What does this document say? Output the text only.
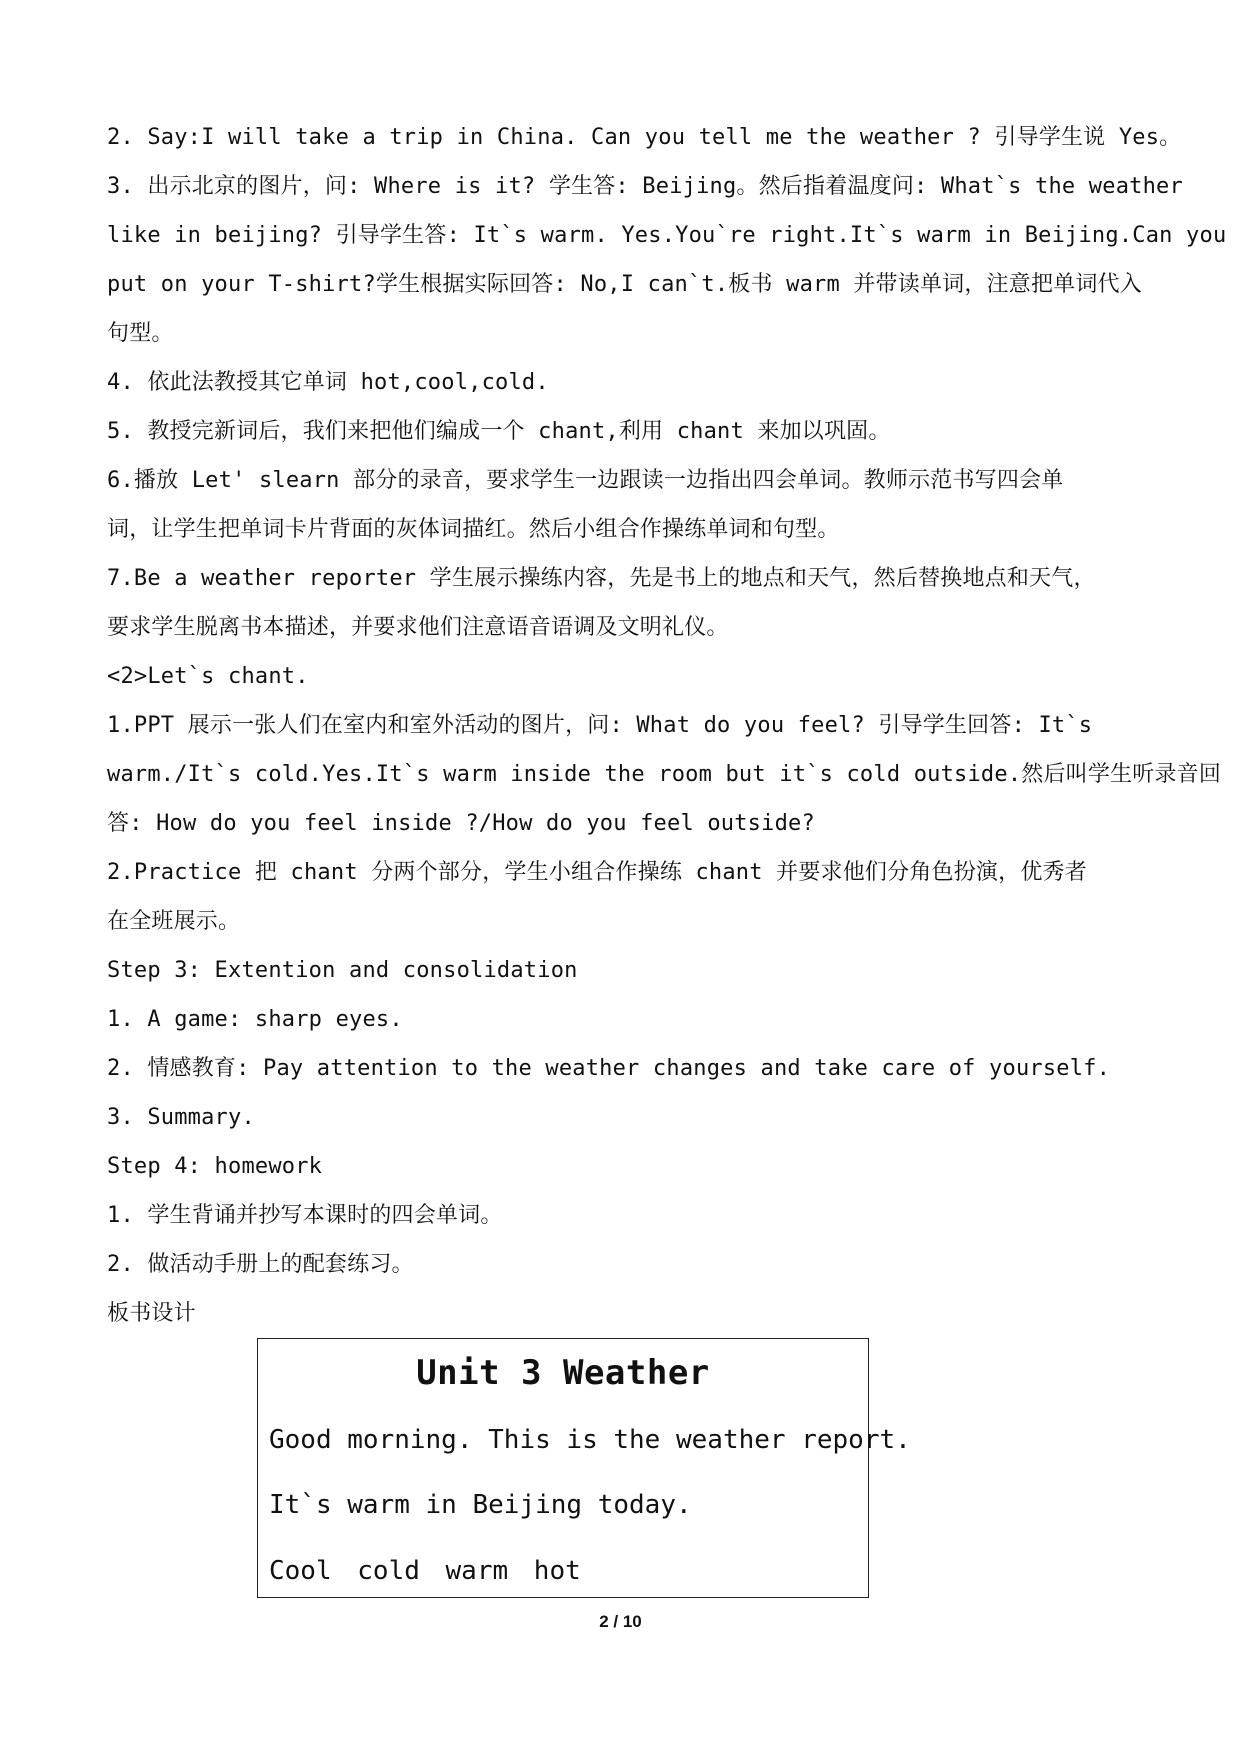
2. Say:I will take a trip in China. Can you tell me the weather ? 引导学生说 Yes。
3. 出示北京的图片，问: Where is it? 学生答: Beijing。然后指着温度问: What`s the weather
like in beijing? 引导学生答: It`s warm. Yes.You`re right.It`s warm in Beijing.Can you
put on your T-shirt?学生根据实际回答: No,I can`t.板书 warm 并带读单词，注意把单词代入
句型。
4. 依此法教授其它单词 hot,cool,cold.
5. 教授完新词后，我们来把他们编成一个 chant,利用 chant 来加以巩固。
6.播放 Let' slearn 部分的录音，要求学生一边跟读一边指出四会单词。教师示范书写四会单
词，让学生把单词卡片背面的灰体词描红。然后小组合作操练单词和句型。
7.Be a weather reporter 学生展示操练内容，先是书上的地点和天气，然后替换地点和天气，
要求学生脱离书本描述，并要求他们注意语音语调及文明礼仪。
<2>Let`s chant.
1.PPT 展示一张人们在室内和室外活动的图片，问: What do you feel? 引导学生回答: It`s
warm./It`s cold.Yes.It`s warm inside the room but it`s cold outside.然后叫学生听录音回
答: How do you feel inside ?/How do you feel outside?
2.Practice 把 chant 分两个部分，学生小组合作操练 chant 并要求他们分角色扮演，优秀者
在全班展示。
Step 3: Extention and consolidation
1. A game: sharp eyes.
2. 情感教育: Pay attention to the weather changes and take care of yourself.
3. Summary.
Step 4: homework
1. 学生背诵并抄写本课时的四会单词。
2. 做活动手册上的配套练习。
板书设计
Unit 3 Weather
Good morning. This is the weather report.
It`s warm in Beijing today.
Cool cold warm hot
2 / 10
